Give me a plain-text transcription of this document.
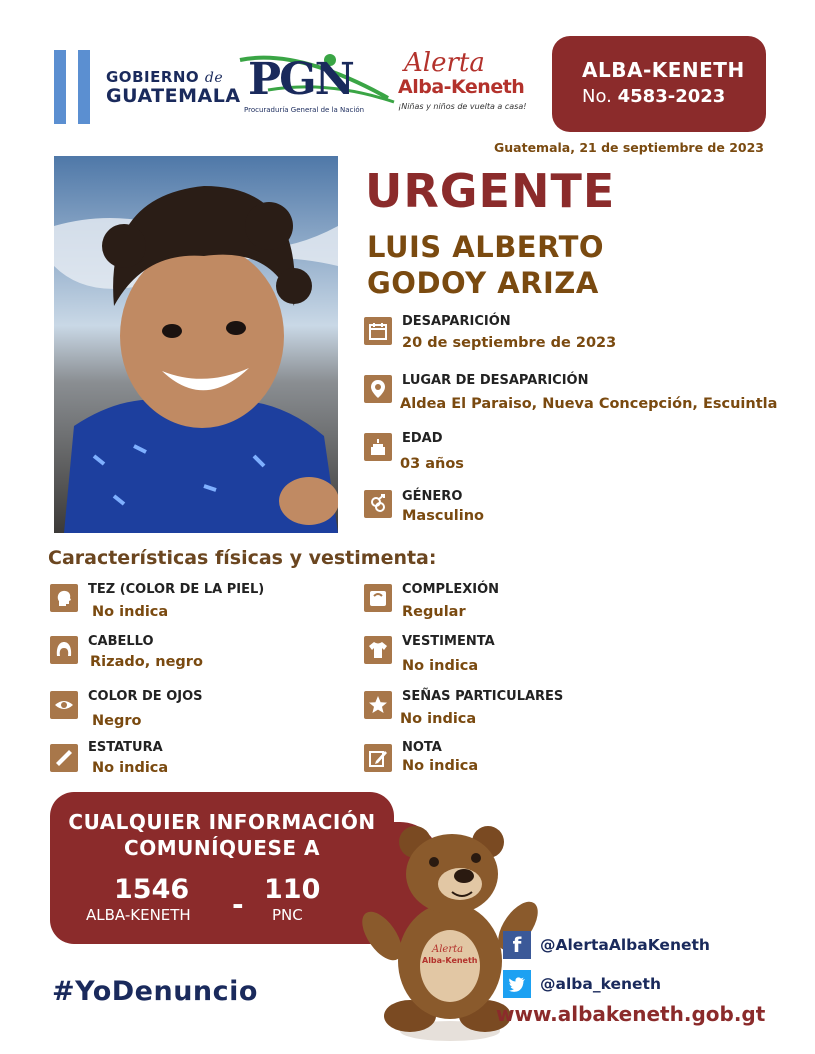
GOBIERNO de
GUATEMALA PGN
Procuraduría General de la Nación
Alerta
Alba-Keneth
¡Niñas y niños de vuelta a casa!
ALBA-KENETH
No. 4583-2023
Guatemala, 21 de septiembre de 2023
URGENTE
LUIS ALBERTO
GODOY ARIZA
DESAPARICIÓN
20 de septiembre de 2023
LUGAR DE DESAPARICIÓN
Aldea El Paraiso, Nueva Concepción, Escuintla
EDAD
03 años
GÉNERO
Masculino
Características físicas y vestimenta:
TEZ (COLOR DE LA PIEL)
No indica
CABELLO
Rizado, negro
COLOR DE OJOS
Negro
ESTATURA
No indica
COMPLEXIÓN
Regular
VESTIMENTA
No indica
SEÑAS PARTICULARES
No indica
NOTA
No indica
CUALQUIER INFORMACIÓN
COMUNÍQUESE A
1546
ALBA-KENETH - 110
PNC
#YoDenuncio
Alerta
Alba-Keneth
f	@AlertaAlbaKeneth
@alba_keneth
www.albakeneth.gob.gt
